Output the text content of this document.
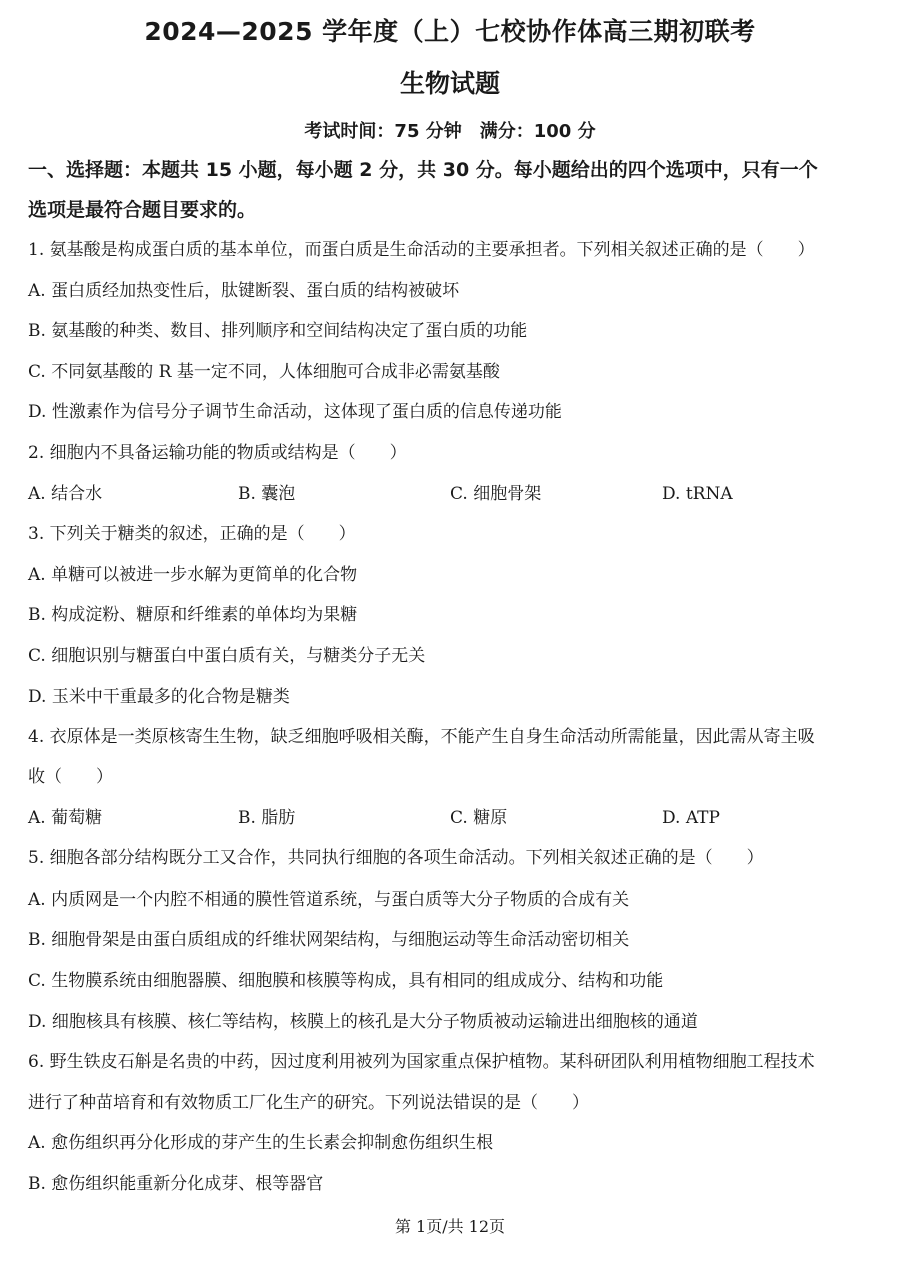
2024—2025 学年度（上）七校协作体高三期初联考
生物试题
考试时间：75 分钟　满分：100 分
一、选择题：本题共 15 小题，每小题 2 分，共 30 分。每小题给出的四个选项中，只有一个
选项是最符合题目要求的。
1. 氨基酸是构成蛋白质的基本单位，而蛋白质是生命活动的主要承担者。下列相关叙述正确的是（　　）
A. 蛋白质经加热变性后，肽键断裂、蛋白质的结构被破坏
B. 氨基酸的种类、数目、排列顺序和空间结构决定了蛋白质的功能
C. 不同氨基酸的 R 基一定不同，人体细胞可合成非必需氨基酸
D. 性激素作为信号分子调节生命活动，这体现了蛋白质的信息传递功能
2. 细胞内不具备运输功能的物质或结构是（　　）
A. 结合水	B. 囊泡	C. 细胞骨架	D. tRNA
3. 下列关于糖类的叙述，正确的是（　　）
A. 单糖可以被进一步水解为更简单的化合物
B. 构成淀粉、糖原和纤维素的单体均为果糖
C. 细胞识别与糖蛋白中蛋白质有关，与糖类分子无关
D. 玉米中干重最多的化合物是糖类
4. 衣原体是一类原核寄生生物，缺乏细胞呼吸相关酶，不能产生自身生命活动所需能量，因此需从寄主吸
收（　　）
A. 葡萄糖	B. 脂肪	C. 糖原	D. ATP
5. 细胞各部分结构既分工又合作，共同执行细胞的各项生命活动。下列相关叙述正确的是（　　）
A. 内质网是一个内腔不相通的膜性管道系统，与蛋白质等大分子物质的合成有关
B. 细胞骨架是由蛋白质组成的纤维状网架结构，与细胞运动等生命活动密切相关
C. 生物膜系统由细胞器膜、细胞膜和核膜等构成，具有相同的组成成分、结构和功能
D. 细胞核具有核膜、核仁等结构，核膜上的核孔是大分子物质被动运输进出细胞核的通道
6. 野生铁皮石斛是名贵的中药，因过度利用被列为国家重点保护植物。某科研团队利用植物细胞工程技术
进行了种苗培育和有效物质工厂化生产的研究。下列说法错误的是（　　）
A. 愈伤组织再分化形成的芽产生的生长素会抑制愈伤组织生根
B. 愈伤组织能重新分化成芽、根等器官
第 1页/共 12页
